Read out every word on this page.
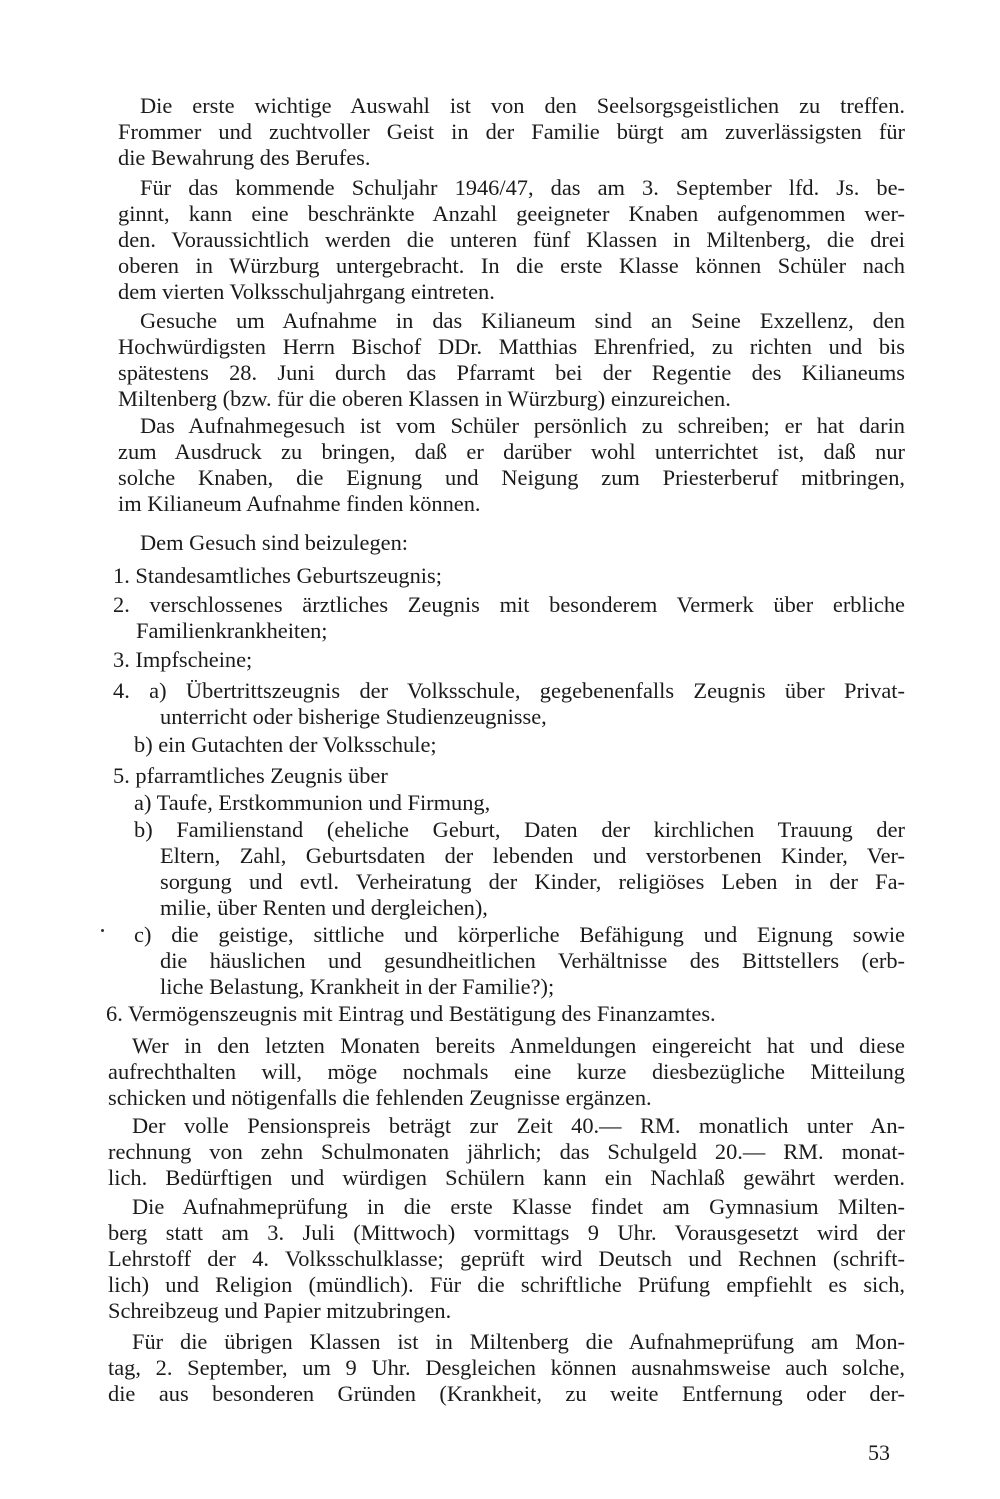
Die erste wichtige Auswahl ist von den Seelsorgsgeistlichen zu treffen.

Frommer und zuchtvoller Geist in der Familie bürgt am zuverlässigsten für

die Bewahrung des Berufes.

Für das kommende Schuljahr 1946/47, das am 3. September lfd. Js. be-

ginnt, kann eine beschränkte Anzahl geeigneter Knaben aufgenommen wer-

den. Voraussichtlich werden die unteren fünf Klassen in Miltenberg, die drei

oberen in Würzburg untergebracht. In die erste Klasse können Schüler nach

dem vierten Volksschuljahrgang eintreten.

Gesuche um Aufnahme in das Kilianeum sind an Seine Exzellenz, den

Hochwürdigsten Herrn Bischof DDr. Matthias Ehrenfried, zu richten und bis

spätestens 28. Juni durch das Pfarramt bei der Regentie des Kilianeums

Miltenberg (bzw. für die oberen Klassen in Würzburg) einzureichen.

Das Aufnahmegesuch ist vom Schüler persönlich zu schreiben; er hat darin

zum Ausdruck zu bringen, daß er darüber wohl unterrichtet ist, daß nur

solche Knaben, die Eignung und Neigung zum Priesterberuf mitbringen,

im Kilianeum Aufnahme finden können.

Dem Gesuch sind beizulegen:

1. Standesamtliches Geburtszeugnis;

2. verschlossenes ärztliches Zeugnis mit besonderem Vermerk über erbliche

Familienkrankheiten;

3. Impfscheine;

4. a) Übertrittszeugnis der Volksschule, gegebenenfalls Zeugnis über Privat-

unterricht oder bisherige Studienzeugnisse,

b) ein Gutachten der Volksschule;

5. pfarramtliches Zeugnis über

a) Taufe, Erstkommunion und Firmung,

b) Familienstand (eheliche Geburt, Daten der kirchlichen Trauung der

Eltern, Zahl, Geburtsdaten der lebenden und verstorbenen Kinder, Ver-

sorgung und evtl. Verheiratung der Kinder, religiöses Leben in der Fa-

milie, über Renten und dergleichen),

c) die geistige, sittliche und körperliche Befähigung und Eignung sowie

die häuslichen und gesundheitlichen Verhältnisse des Bittstellers (erb-

liche Belastung, Krankheit in der Familie?);

6. Vermögenszeugnis mit Eintrag und Bestätigung des Finanzamtes.

Wer in den letzten Monaten bereits Anmeldungen eingereicht hat und diese

aufrechthalten will, möge nochmals eine kurze diesbezügliche Mitteilung

schicken und nötigenfalls die fehlenden Zeugnisse ergänzen.

Der volle Pensionspreis beträgt zur Zeit 40.— RM. monatlich unter An-

rechnung von zehn Schulmonaten jährlich; das Schulgeld 20.— RM. monat-

lich. Bedürftigen und würdigen Schülern kann ein Nachlaß gewährt werden.

Die Aufnahmeprüfung in die erste Klasse findet am Gymnasium Milten-

berg statt am 3. Juli (Mittwoch) vormittags 9 Uhr. Vorausgesetzt wird der

Lehrstoff der 4. Volksschulklasse; geprüft wird Deutsch und Rechnen (schrift-

lich) und Religion (mündlich). Für die schriftliche Prüfung empfiehlt es sich,

Schreibzeug und Papier mitzubringen.

Für die übrigen Klassen ist in Miltenberg die Aufnahmeprüfung am Mon-

tag, 2. September, um 9 Uhr. Desgleichen können ausnahmsweise auch solche,

die aus besonderen Gründen (Krankheit, zu weite Entfernung oder der-

53
